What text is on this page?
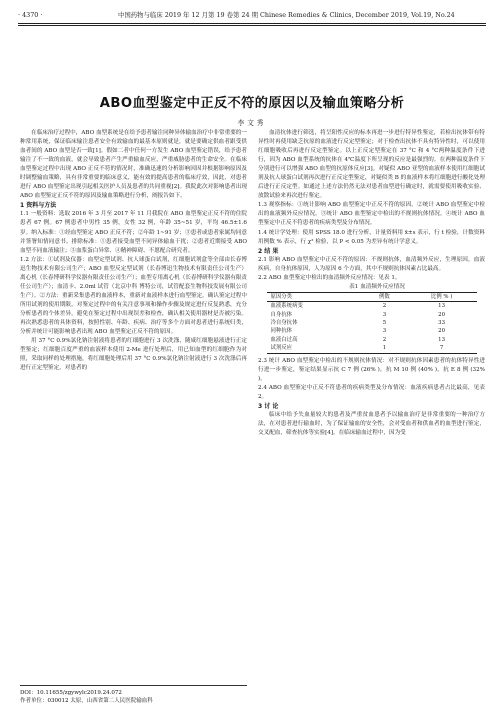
· 4370 ·	中国药物与临床 2019 年 12 月第 19 卷第 24 期 Chinese Remedies & Clinics, December 2019, Vol.19, No.24
ABO血型鉴定中正反不符的原因以及输血策略分析
李文秀

在临床治疗过程中，ABO 血型系统是在给予患者输注同种异体输血治疗中非常重要的一种常用系统，保证临床输注患者安全有效输血的最基本原则就是，就是要确定供血者跟受供血者间的 ABO 血型是否一致[1]。假如二者中任何一方发生 ABO 血型鉴定错误，给予患者输注了不一致的血液，就会导致患者产生严重输血反应，严重威胁患者的生命安全。在临床血型鉴定过程中出现 ABO 正反不符的情况时，准确迅速的分析影响因因并根据影响原因及时调整输血策略，具有非常重要的临床意义，能有效的提高患者的临床疗效，因此，对患者进行 ABO 血型鉴定出现引起相关医护人员及患者的共同重视[2]。我院此次对影响患者出现 ABO 血型鉴定正反不符的原因及输血策略进行分析，阐报告如下。

1 资料与方法

1.1 一般资料：选取 2016 年 3 月至 2017 年 11 月我院在 ABO 血型鉴定正反不符的住院患者 67 例。67 例患者中男性 35 例，女性 32 例，年龄 35~51 岁，平均 46.5±1.6 岁。纳入标准：①经血型鉴定 ABO 正反不符；②年龄 1~91 岁；③患者或患者家属均同意并签署知情同意书。排除标准：①患者接受血型不同异体输血干扰；②患者近期接受 ABO 血型不同血液输注；③血浆蛋白异常、④精神障碍、不愿配合研究者。

1.2 方法：①试剂及仪器：血型定型试剂、抗人球蛋白试剂，红细胞试剂盒等全部由长春博迅生物技术有限公司生产；ABO 血型反定型试剂（长春博迅生物技术有限责任公司生产）离心机（长春博研科学仪器有限责任公司生产）；血型专用离心机（长春博研科学仪器有限责任公司生产）；血清卡、2.0ml 试管（北京中科 博特公司，试管配套生物科技发展有限公司生产）。②方法：重新采集患者的血液样本，重新对血液样本进行血型鉴定。确认鉴定过程中所用试剂的使用期限，对鉴定过程中的有关注意事项和操作步骤及规定进行反复熟悉，充分分析患者的个体差异，避免在鉴定过程中出现误差和检查，确认相关使用器材是否被污染。再次熟悉患者的具体资料，按照性别、年龄、疾病、治疗等多个方面对患者进行系统归类，分析并统计可能影响患者出现 ABO 血型鉴定正反不符的原因。

用 37 °C 0.9%氯化钠注射液将患者的红细胞进行 3 次洗涤，随咸红细胞悬液进行正定型鉴定；红细胞百度严重的血液样本使用 2-Me 进行处理后，用已知血型的红细胞作为对照，采取同样的处理措施，将红细胞处理后用 37 °C 0.9%氯化钠注射液进行 3 次洗涤后再进行正定型鉴定，对患者的

DOI：10.11655/zgywylc2019.24.072
作者单位：030012 太原，山西省第二人民医院输血科

血清抗体进行筛选，将呈阳性反应的标本再进一步进行特异性鉴定，若检出抗体带有特异性时再使用缺乏抗原的血液进行反定型鉴定；对于检查出抗体不具有特异性时，可以使用红细胞吸收后再进行反定型鉴定。以上正反定型鉴定在 37 °C 和 4 °C两种温度条件下进行，因为 ABO 血型系统的抗体在 4℃温度下所呈现的反应是最强烈的。在两种温度条件下分别进行可以增强 ABO 血型的抗原体反应[3]。对疑似 ABO 亚型的血液样本使用红细胞试剂及抗人球蛋白试剂再次进行正反定型鉴定，对疑似类 B 的血液样本将红细胞进行酸化处理后进行正反定型。如通过上述方法仍然无法对患者血型进行确定时，就需要使用吸收实验、放散试验来再次进行鉴定。

1.3 观察指标：①统计影响 ABO 血型鉴定中正反不符的原因。②统计 ABO 血型鉴定中检出的血液频外反应情况。③统计 ABO 血型鉴定中检出的不规则抗体情况。④统计 ABO 血型鉴定中正反不符患者的疾病类型及分布情况。

1.4 统计学处理：使用 SPSS 18.0 进行分析，计量资料用 x̄±s 表示，行 t 检验，计数资料用例数 % 表示，行 χ² 检验，以 P < 0.05 为差异有统计学意义。

2 结 果

2.1 影响 ABO 血型鉴定中正反不符的原因：不规则抗体，血清频外反应，生理原因，血液疾病，自身抗体原因，人为原因 6 个方面，其中不规则抗体因素占比最高。

2.2 ABO 血型鉴定中检出的血清频外反应情况：见表 1。

表1 血清频外反应情况

原因分类	例数	比例 % )
血液系统病变	2	13
自身抗体	3	20
冷自身抗体	5	33
同种抗体	3	20
血液白过高	2	13
试剂反应	1	7

2.3 统计 ABO 血型鉴定中检出的不规则抗体情况：对不规则抗体因素患者的抗体特异性进行进一步鉴定，鉴定结果显示抗 C 7 例 (26% )，抗 M 10 例 (40% )，抗 E 8 例 (32% )。

2.4 ABO 血型鉴定中正反不符患者的疾病类型及分布情况：血液疾病患者占比最高，见表 2。

3 讨 论

临床中给予失血量较大的患者及严重贫血患者予以输血治疗是非常重要的一种治疗方法，在对患者进行输血时，为了保证输血的安全性，会对受血者和供血者的血型进行鉴定，交叉配血，筛查抗体等实验[4]。在临床输血过程中，因为受
